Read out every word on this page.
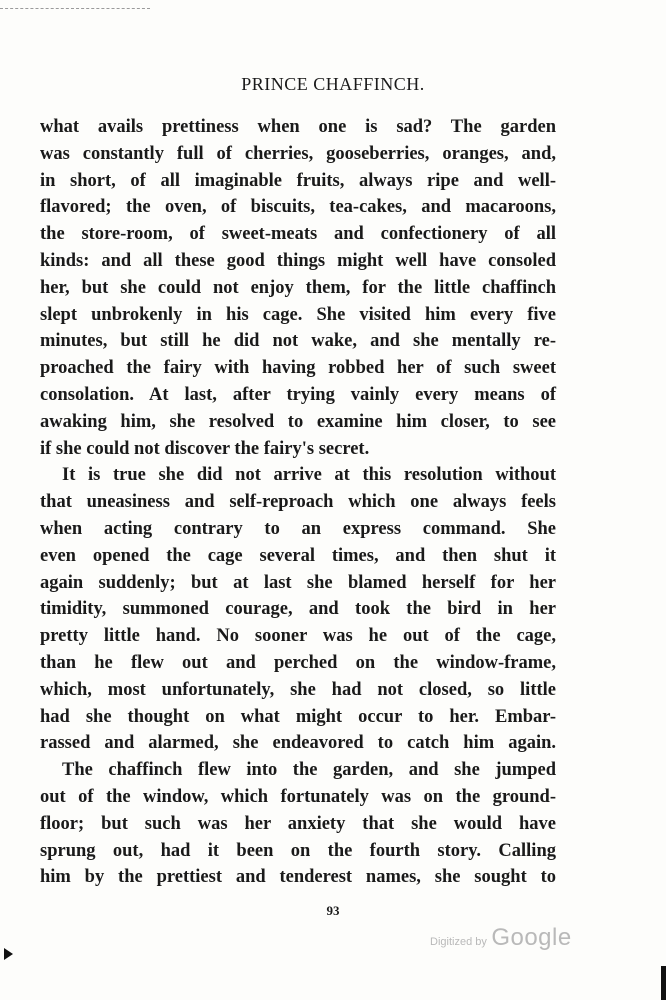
PRINCE CHAFFINCH.
what avails prettiness when one is sad? The garden
was constantly full of cherries, gooseberries, oranges, and,
in short, of all imaginable fruits, always ripe and well-
flavored; the oven, of biscuits, tea-cakes, and macaroons,
the store-room, of sweet-meats and confectionery of all
kinds: and all these good things might well have consoled
her, but she could not enjoy them, for the little chaffinch
slept unbrokenly in his cage. She visited him every five
minutes, but still he did not wake, and she mentally re-
proached the fairy with having robbed her of such sweet
consolation. At last, after trying vainly every means of
awaking him, she resolved to examine him closer, to see
if she could not discover the fairy's secret.
It is true she did not arrive at this resolution without
that uneasiness and self-reproach which one always feels
when acting contrary to an express command. She
even opened the cage several times, and then shut it
again suddenly; but at last she blamed herself for her
timidity, summoned courage, and took the bird in her
pretty little hand. No sooner was he out of the cage,
than he flew out and perched on the window-frame,
which, most unfortunately, she had not closed, so little
had she thought on what might occur to her. Embar-
rassed and alarmed, she endeavored to catch him again.
The chaffinch flew into the garden, and she jumped
out of the window, which fortunately was on the ground-
floor; but such was her anxiety that she would have
sprung out, had it been on the fourth story. Calling
him by the prettiest and tenderest names, she sought to
93
Digitized by Google
